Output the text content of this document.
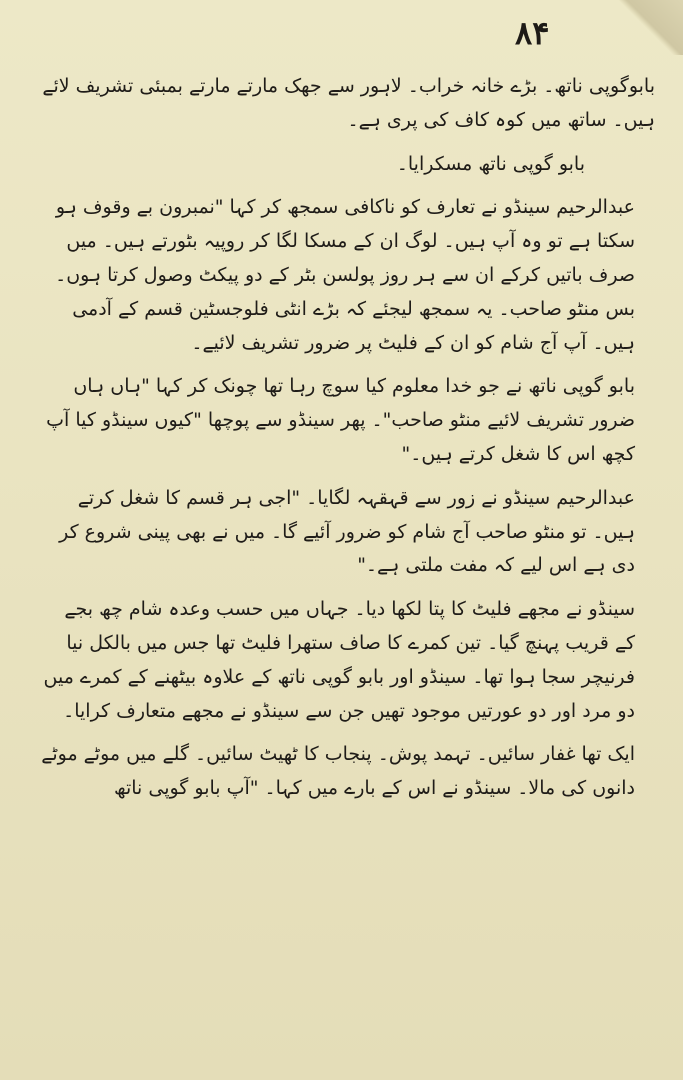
۸۴

بابوگوپی ناتھ۔ بڑے خانہ خراب۔ لاہور سے جھک مارتے مارتے بمبئی تشریف لائے ہیں۔ ساتھ میں کوہ کاف کی پری ہے۔

بابو گوپی ناتھ مسکرایا۔

عبدالرحیم سینڈو نے تعارف کو ناکافی سمجھ کر کہا "نمبرون بے وقوف ہو سکتا ہے تو وہ آپ ہیں۔ لوگ ان کے مسکا لگا کر روپیہ بٹورتے ہیں۔ میں صرف باتیں کرکے ان سے ہر روز پولسن بٹر کے دو پیکٹ وصول کرتا ہوں۔ بس منٹو صاحب۔ یہ سمجھ لیجئے کہ بڑے انٹی فلوجسٹین قسم کے آدمی ہیں۔ آپ آج شام کو ان کے فلیٹ پر ضرور تشریف لائیے۔

بابو گوپی ناتھ نے جو خدا معلوم کیا سوچ رہا تھا چونک کر کہا "ہاں ہاں ضرور تشریف لائیے منٹو صاحب"۔ پھر سینڈو سے پوچھا "کیوں سینڈو کیا آپ کچھ اس کا شغل کرتے ہیں۔"

عبدالرحیم سینڈو نے زور سے قہقہہ لگایا۔ "اجی ہر قسم کا شغل کرتے ہیں۔ تو منٹو صاحب آج شام کو ضرور آئیے گا۔ میں نے بھی پینی شروع کر دی ہے اس لیے کہ مفت ملتی ہے۔"

سینڈو نے مجھے فلیٹ کا پتا لکھا دیا۔ جہاں میں حسب وعدہ شام چھ بجے کے قریب پہنچ گیا۔ تین کمرے کا صاف ستھرا فلیٹ تھا جس میں بالکل نیا فرنیچر سجا ہوا تھا۔ سینڈو اور بابو گوپی ناتھ کے علاوہ بیٹھنے کے کمرے میں دو مرد اور دو عورتیں موجود تھیں جن سے سینڈو نے مجھے متعارف کرایا۔

ایک تھا غفار سائیں۔ تہمد پوش۔ پنجاب کا ٹھیٹ سائیں۔ گلے میں موٹے موٹے دانوں کی مالا۔ سینڈو نے اس کے بارے میں کہا۔ "آپ بابو گوپی ناتھ
